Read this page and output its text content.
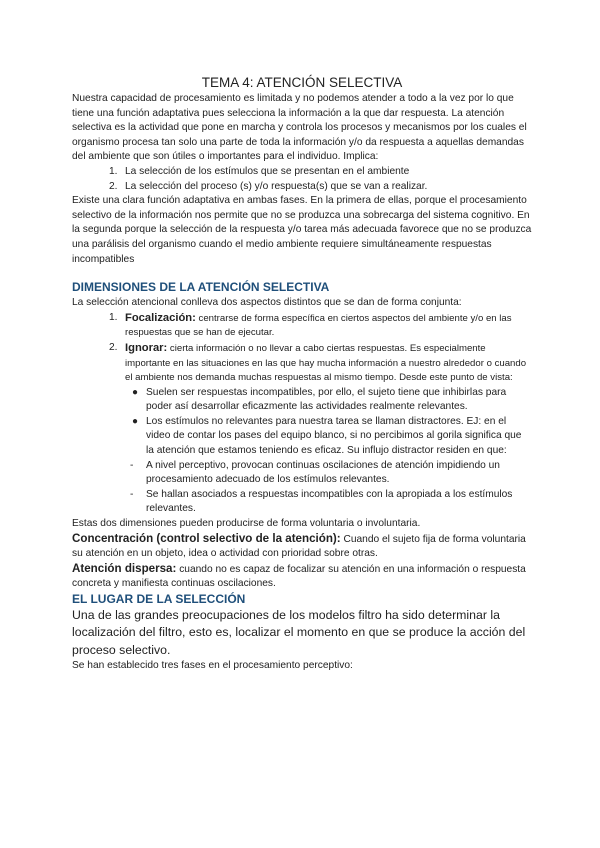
TEMA 4: ATENCIÓN SELECTIVA

Nuestra capacidad de procesamiento es limitada y no podemos atender a todo a la vez por lo que tiene una función adaptativa pues selecciona la información a la que dar respuesta. La atención selectiva es la actividad que pone en marcha y controla los procesos y mecanismos por los cuales el organismo procesa tan solo una parte de toda la información y/o da respuesta a aquellas demandas del ambiente que son útiles o importantes para el individuo. Implica:

1. La selección de los estímulos que se presentan en el ambiente

2. La selección del proceso (s) y/o respuesta(s) que se van a realizar.

Existe una clara función adaptativa en ambas fases. En la primera de ellas, porque el procesamiento selectivo de la información nos permite que no se produzca una sobrecarga del sistema cognitivo. En la segunda porque la selección de la respuesta y/o tarea más adecuada favorece que no se produzca una parálisis del organismo cuando el medio ambiente requiere simultáneamente respuestas incompatibles

DIMENSIONES DE LA ATENCIÓN SELECTIVA

La selección atencional conlleva dos aspectos distintos que se dan de forma conjunta:

1. Focalización: centrarse de forma específica en ciertos aspectos del ambiente y/o en las respuestas que se han de ejecutar.

2. Ignorar: cierta información o no llevar a cabo ciertas respuestas. Es especialmente importante en las situaciones en las que hay mucha información a nuestro alrededor o cuando el ambiente nos demanda muchas respuestas al mismo tiempo. Desde este punto de vista:

● Suelen ser respuestas incompatibles, por ello, el sujeto tiene que inhibirlas para poder así desarrollar eficazmente las actividades realmente relevantes.

● Los estímulos no relevantes para nuestra tarea se llaman distractores. EJ: en el video de contar los pases del equipo blanco, si no percibimos al gorila significa que la atención que estamos teniendo es eficaz. Su influjo distractor residen en que:

- A nivel perceptivo, provocan continuas oscilaciones de atención impidiendo un procesamiento adecuado de los estímulos relevantes.

- Se hallan asociados a respuestas incompatibles con la apropiada a los estímulos relevantes.

Estas dos dimensiones pueden producirse de forma voluntaria o involuntaria.

Concentración (control selectivo de la atención): Cuando el sujeto fija de forma voluntaria su atención en un objeto, idea o actividad con prioridad sobre otras.

Atención dispersa: cuando no es capaz de focalizar su atención en una información o respuesta concreta y manifiesta continuas oscilaciones.

EL LUGAR DE LA SELECCIÓN

Una de las grandes preocupaciones de los modelos filtro ha sido determinar la localización del filtro, esto es, localizar el momento en que se produce la acción del proceso selectivo.

Se han establecido tres fases en el procesamiento perceptivo:
